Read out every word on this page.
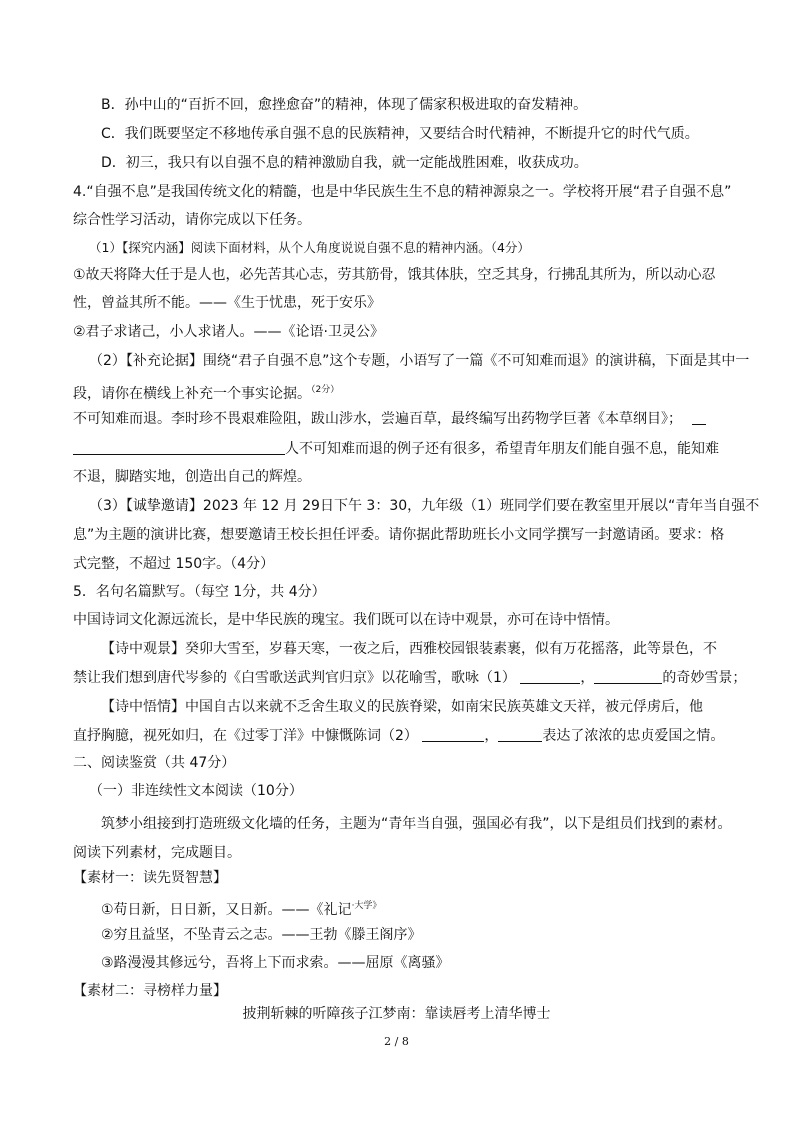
B．孙中山的“百折不回，愈挫愈奋”的精神，体现了儒家积极进取的奋发精神。
C．我们既要坚定不移地传承自强不息的民族精神，又要结合时代精神，不断提升它的时代气质。
D．初三，我只有以自强不息的精神激励自我，就一定能战胜困难，收获成功。
4.“自强不息”是我国传统文化的精髓，也是中华民族生生不息的精神源泉之一。学校将开展“君子自强不息”
综合性学习活动，请你完成以下任务。
（1）【探究内涵】阅读下面材料，从个人角度说说自强不息的精神内涵。（4分）
①故天将降大任于是人也，必先苦其心志，劳其筋骨，饿其体肤，空乏其身，行拂乱其所为，所以动心忍
性，曾益其所不能。——《生于忧患，死于安乐》
②君子求诸己，小人求诸人。——《论语·卫灵公》
（2）【补充论据】围绕“君子自强不息”这个专题，小语写了一篇《不可知难而退》的演讲稿，下面是其中一
段，请你在横线上补充一个事实论据。$^{(2分)}$
不可知难而退。李时珍不畏艰难险阻，跋山涉水，尝遍百草，最终编写出药物学巨著《本草纲目》；
人不可知难而退的例子还有很多，希望青年朋友们能自强不息，能知难
不退，脚踏实地，创造出自己的辉煌。
（3）【诚挚邀请】2023 年 12 月 29日下午 3：30，九年级（1）班同学们要在教室里开展以“青年当自强不
息”为主题的演讲比赛，想要邀请王校长担任评委。请你据此帮助班长小文同学撰写一封邀请函。要求：格
式完整，不超过 150字。（4分）
5．名句名篇默写。（每空 1分，共 4分）
中国诗词文化源远流长，是中华民族的瑰宝。我们既可以在诗中观景，亦可在诗中悟情。
【诗中观景】癸卯大雪至，岁暮天寒，一夜之后，西雅校园银装素裹，似有万花摇落，此等景色，不
禁让我们想到唐代岑参的《白雪歌送武判官归京》以花喻雪，歌咏（1）	，	的奇妙雪景；
【诗中悟情】中国自古以来就不乏舍生取义的民族脊梁，如南宋民族英雄文天祥，被元俘虏后，他
直抒胸臆，视死如归，在《过零丁洋》中慷慨陈词（2）	，	表达了浓浓的忠贞爱国之情。
二、阅读鉴赏（共 47分）
（一）非连续性文本阅读（10分）
筑梦小组接到打造班级文化墙的任务，主题为“青年当自强，强国必有我”，以下是组员们找到的素材。
阅读下列素材，完成题目。
【素材一：读先贤智慧】
①苟日新，日日新，又日新。——《礼记$^{\cdot 大学》}$
②穷且益坚，不坠青云之志。——王勃《滕王阁序》
③路漫漫其修远兮，吾将上下而求索。——屈原《离骚》
【素材二：寻榜样力量】
披荆斩棘的听障孩子江梦南：靠读唇考上清华博士
2 / 8
